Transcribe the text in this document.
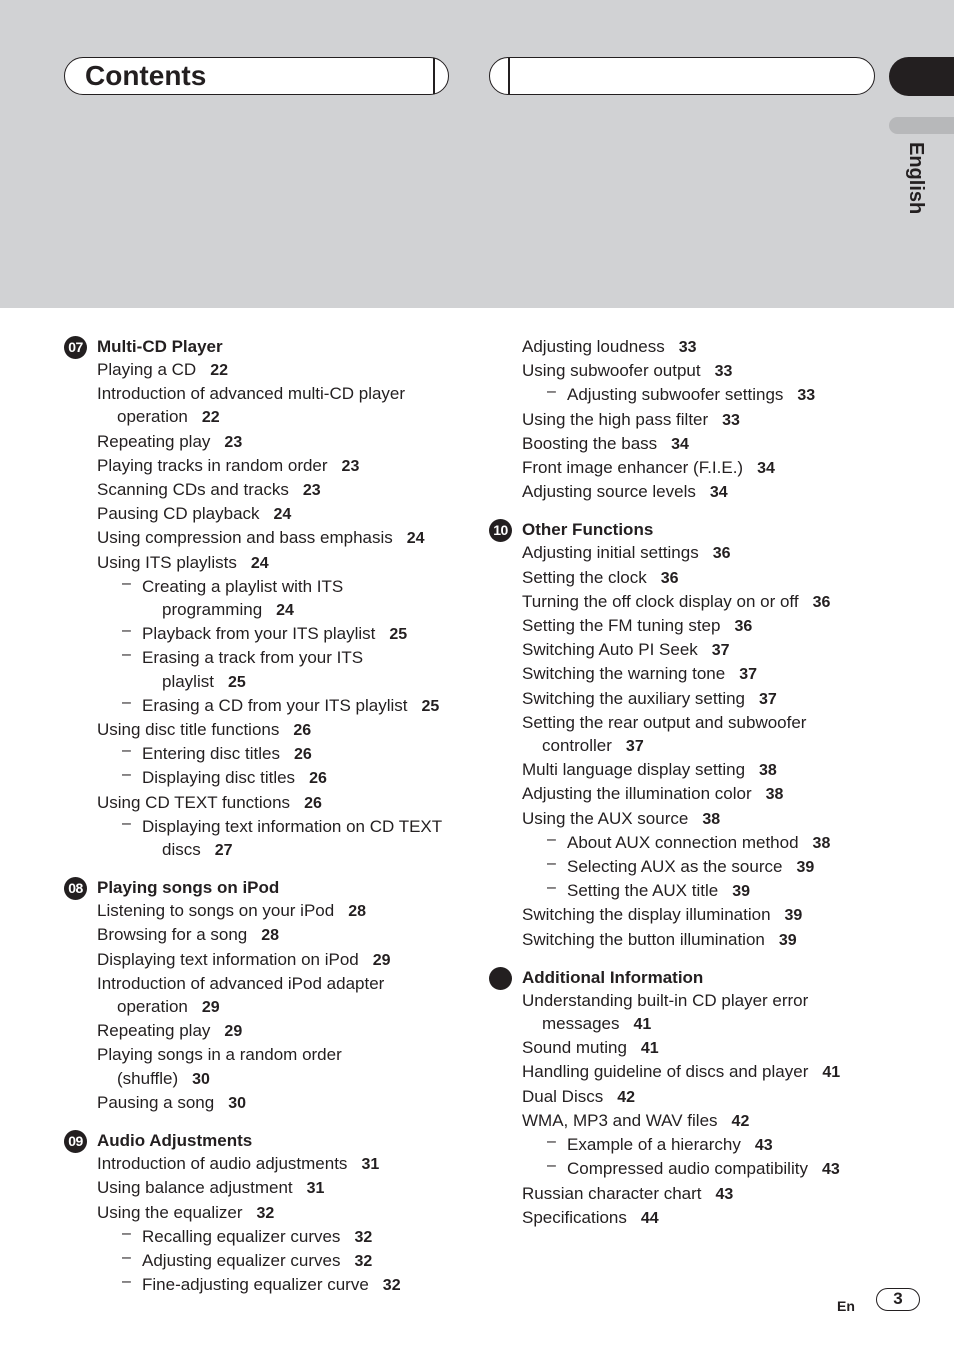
Contents
English
07 Multi-CD Player
Playing a CD 22
Introduction of advanced multi-CD player
operation 22
Repeating play 23
Playing tracks in random order 23
Scanning CDs and tracks 23
Pausing CD playback 24
Using compression and bass emphasis 24
Using ITS playlists 24
– Creating a playlist with ITS
programming 24
– Playback from your ITS playlist 25
– Erasing a track from your ITS
playlist 25
– Erasing a CD from your ITS playlist 25
Using disc title functions 26
– Entering disc titles 26
– Displaying disc titles 26
Using CD TEXT functions 26
– Displaying text information on CD TEXT
discs 27
08 Playing songs on iPod
Listening to songs on your iPod 28
Browsing for a song 28
Displaying text information on iPod 29
Introduction of advanced iPod adapter
operation 29
Repeating play 29
Playing songs in a random order
(shuffle) 30
Pausing a song 30
09 Audio Adjustments
Introduction of audio adjustments 31
Using balance adjustment 31
Using the equalizer 32
– Recalling equalizer curves 32
– Adjusting equalizer curves 32
– Fine-adjusting equalizer curve 32
Adjusting loudness 33
Using subwoofer output 33
– Adjusting subwoofer settings 33
Using the high pass filter 33
Boosting the bass 34
Front image enhancer (F.I.E.) 34
Adjusting source levels 34
10 Other Functions
Adjusting initial settings 36
Setting the clock 36
Turning the off clock display on or off 36
Setting the FM tuning step 36
Switching Auto PI Seek 37
Switching the warning tone 37
Switching the auxiliary setting 37
Setting the rear output and subwoofer
controller 37
Multi language display setting 38
Adjusting the illumination color 38
Using the AUX source 38
– About AUX connection method 38
– Selecting AUX as the source 39
– Setting the AUX title 39
Switching the display illumination 39
Switching the button illumination 39
Additional Information
Understanding built-in CD player error
messages 41
Sound muting 41
Handling guideline of discs and player 41
Dual Discs 42
WMA, MP3 and WAV files 42
– Example of a hierarchy 43
– Compressed audio compatibility 43
Russian character chart 43
Specifications 44
En	3
